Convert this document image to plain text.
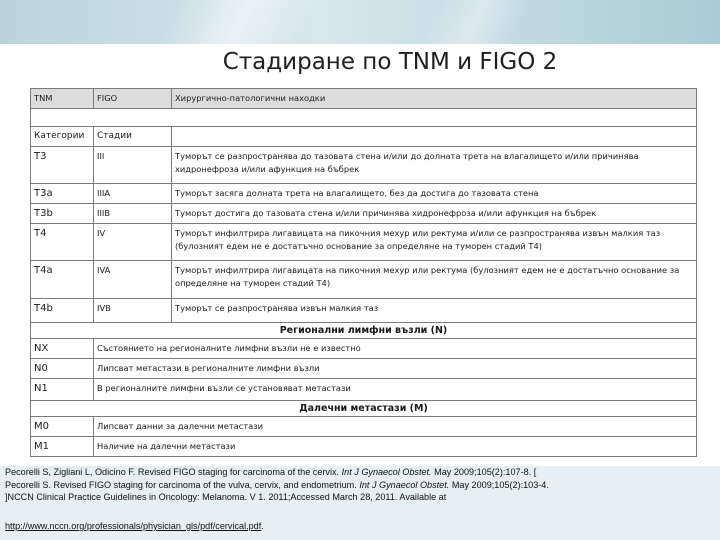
Стадиране по TNM и FIGO 2
TNM	FIGO	Хирургично-патологични находки

Категории	Стадии	
T3	III	Туморът се разпространява до тазовата стена и/или до долната трета на влагалището и/или причинява хидронефроза и/или афункция на бъбрек
T3a	IIIA	Туморът засяга долната трета на влагалището, без да достига до тазовата стена
T3b	IIIB	Туморът достига до тазовата стена и/или причинява хидронефроза и/или афункция на бъбрек
T4	IV	Туморът инфилтрира лигавицата на пикочния мехур или ректума и/или се разпространява извън малкия таз (булозният едем не е достатъчно основание за определяне на туморен стадий T4)
T4a	IVA	Туморът инфилтрира лигавицата на пикочния мехур или ректума (булозният едем не е достатъчно основание за определяне на туморен стадий T4)
T4b	IVB	Туморът се разпространява извън малкия таз
Регионални лимфни възли (N)		
NX	Състоянието на регионалните лимфни възли не е известно	
N0	Липсват метастази в регионалните лимфни възли	
N1	В регионалните лимфни възли се установяват метастази	
Далечни метастази (M)		
M0	Липсват данни за далечни метастази	
M1	Наличие на далечни метастази	

Pecorelli S, Zigliani L, Odicino F. Revised FIGO staging for carcinoma of the cervix. Int J Gynaecol Obstet. May 2009;105(2):107-8. [

Pecorelli S. Revised FIGO staging for carcinoma of the vulva, cervix, and endometrium. Int J Gynaecol Obstet. May 2009;105(2):103-4.

]NCCN Clinical Practice Guidelines in Oncology: Melanoma. V 1. 2011;Accessed March 28, 2011. Available at

http://www.nccn.org/professionals/physician_gls/pdf/cervical.pdf.
